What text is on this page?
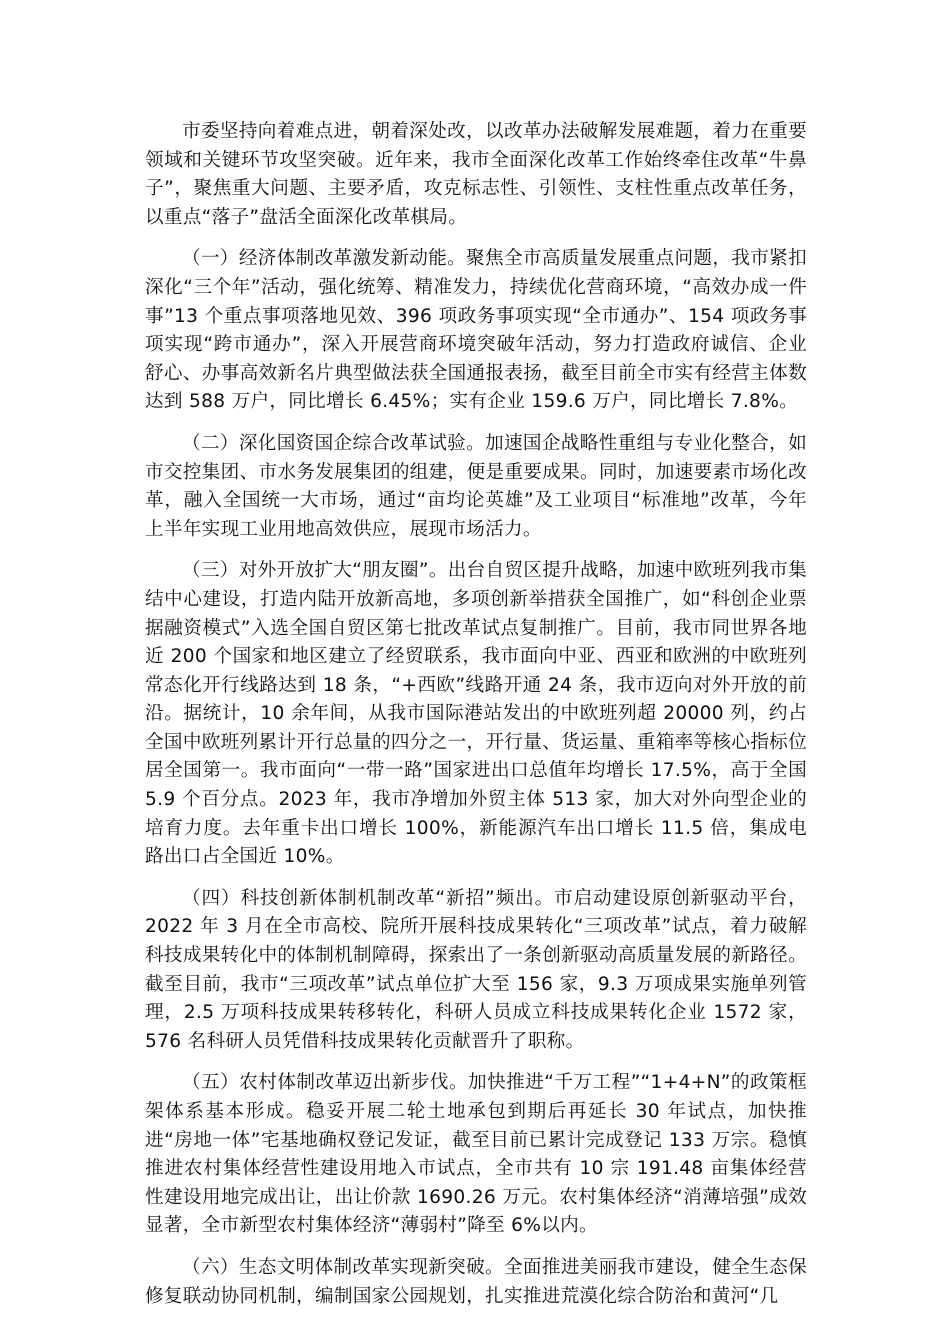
市委坚持向着难点进，朝着深处改，以改革办法破解发展难题，着力在重要领域和关键环节攻坚突破。近年来，我市全面深化改革工作始终牵住改革“牛鼻子”，聚焦重大问题、主要矛盾，攻克标志性、引领性、支柱性重点改革任务，以重点“落子”盘活全面深化改革棋局。

（一）经济体制改革激发新动能。聚焦全市高质量发展重点问题，我市紧扣深化“三个年”活动，强化统筹、精准发力，持续优化营商环境，“高效办成一件事”13 个重点事项落地见效、396 项政务事项实现“全市通办”、154 项政务事项实现“跨市通办”，深入开展营商环境突破年活动，努力打造政府诚信、企业舒心、办事高效新名片典型做法获全国通报表扬，截至目前全市实有经营主体数达到 588 万户，同比增长 6.45%；实有企业 159.6 万户，同比增长 7.8%。

（二）深化国资国企综合改革试验。加速国企战略性重组与专业化整合，如市交控集团、市水务发展集团的组建，便是重要成果。同时，加速要素市场化改革，融入全国统一大市场，通过“亩均论英雄”及工业项目“标准地”改革，今年上半年实现工业用地高效供应，展现市场活力。

（三）对外开放扩大“朋友圈”。出台自贸区提升战略，加速中欧班列我市集结中心建设，打造内陆开放新高地，多项创新举措获全国推广，如“科创企业票据融资模式”入选全国自贸区第七批改革试点复制推广。目前，我市同世界各地近 200 个国家和地区建立了经贸联系，我市面向中亚、西亚和欧洲的中欧班列常态化开行线路达到 18 条，“+西欧”线路开通 24 条，我市迈向对外开放的前沿。据统计，10 余年间，从我市国际港站发出的中欧班列超 20000 列，约占全国中欧班列累计开行总量的四分之一，开行量、货运量、重箱率等核心指标位居全国第一。我市面向“一带一路”国家进出口总值年均增长 17.5%，高于全国 5.9 个百分点。2023 年，我市净增加外贸主体 513 家，加大对外向型企业的培育力度。去年重卡出口增长 100%，新能源汽车出口增长 11.5 倍，集成电路出口占全国近 10%。

（四）科技创新体制机制改革“新招”频出。市启动建设原创新驱动平台，2022 年 3 月在全市高校、院所开展科技成果转化“三项改革”试点，着力破解科技成果转化中的体制机制障碍，探索出了一条创新驱动高质量发展的新路径。截至目前，我市“三项改革”试点单位扩大至 156 家，9.3 万项成果实施单列管理，2.5 万项科技成果转移转化，科研人员成立科技成果转化企业 1572 家，576 名科研人员凭借科技成果转化贡献晋升了职称。

（五）农村体制改革迈出新步伐。加快推进“千万工程”“1+4+N”的政策框架体系基本形成。稳妥开展二轮土地承包到期后再延长 30 年试点，加快推进“房地一体”宅基地确权登记发证，截至目前已累计完成登记 133 万宗。稳慎推进农村集体经营性建设用地入市试点，全市共有 10 宗 191.48 亩集体经营性建设用地完成出让，出让价款 1690.26 万元。农村集体经济“消薄培强”成效显著，全市新型农村集体经济“薄弱村”降至 6%以内。

（六）生态文明体制改革实现新突破。全面推进美丽我市建设，健全生态保修复联动协同机制，编制国家公园规划，扎实推进荒漠化综合防治和黄河“几
